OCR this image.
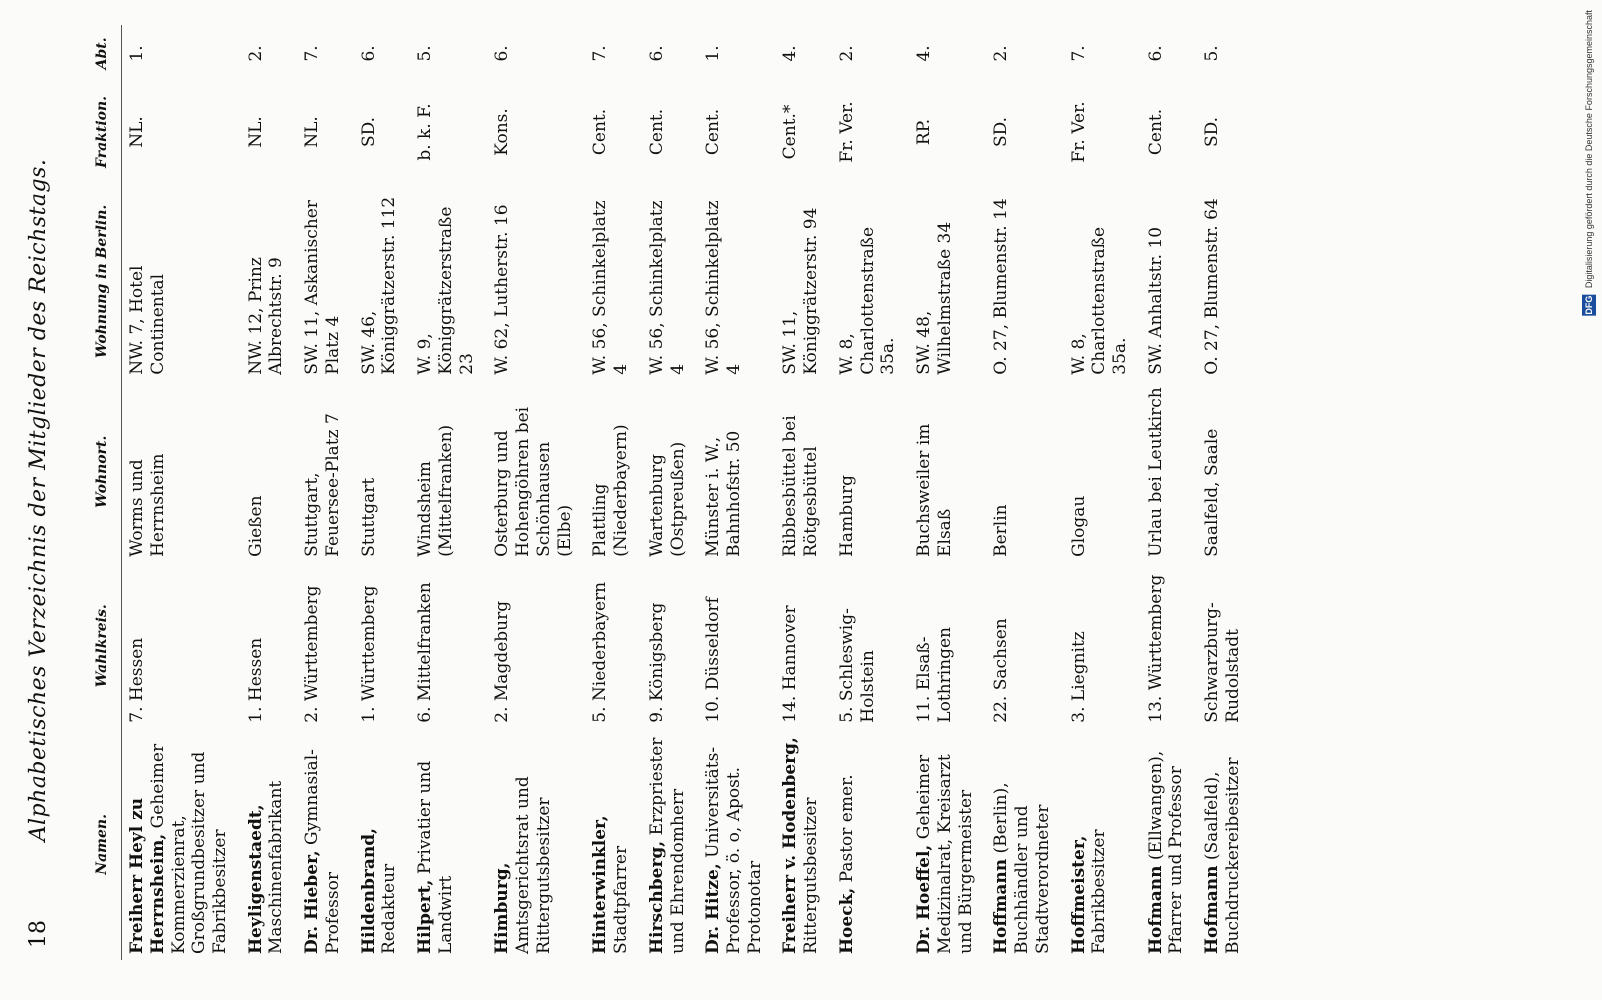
18
Alphabetisches Verzeichnis der Mitglieder des Reichstags.
Namen.	Wahlkreis.	Wohnort.	Wohnung in Berlin.	Fraktion.	Abt.
Freiherr Heyl zu Herrnsheim, Geheimer Kommerzienrat, Großgrundbesitzer und Fabrikbesitzer	7. Hessen	Worms und Herrnsheim	NW. 7, Hotel Continental	NL.	1.
Heyligenstaedt, Maschinenfabrikant	1. Hessen	Gießen	NW. 12, Prinz Albrechtstr. 9	NL.	2.
Dr. Hieber, Gymnasial-Professor	2. Württemberg	Stuttgart, Feuersee-Platz 7	SW. 11, Askanischer Platz 4	NL.	7.
Hildenbrand, Redakteur	1. Württemberg	Stuttgart	SW. 46, Königgrätzerstr. 112	SD.	6.
Hilpert, Privatier und Landwirt	6. Mittelfranken	Windsheim (Mittelfranken)	W. 9, Königgrätzerstraße 23	b. k. F.	5.
Himburg, Amtsgerichtsrat und Rittergutsbesitzer	2. Magdeburg	Osterburg und Hohengöhren bei Schönhausen (Elbe)	W. 62, Lutherstr. 16	Kons.	6.
Hinterwinkler, Stadtpfarrer	5. Niederbayern	Plattling (Niederbayern)	W. 56, Schinkelplatz 4	Cent.	7.
Hirschberg, Erzpriester und Ehrendomherr	9. Königsberg	Wartenburg (Ostpreußen)	W. 56, Schinkelplatz 4	Cent.	6.
Dr. Hitze, Universitäts-Professor, ö. o, Apost. Protonotar	10. Düsseldorf	Münster i. W., Bahnhofstr. 50	W. 56, Schinkelplatz 4	Cent.	1.
Freiherr v. Hodenberg, Rittergutsbesitzer	14. Hannover	Ribbesbüttel bei Rötgesbüttel	SW. 11, Königgrätzerstr. 94	Cent.*	4.
Hoeck, Pastor emer.	5. Schleswig-Holstein	Hamburg	W. 8, Charlottenstraße 35a.	Fr. Ver.	2.
Dr. Hoeffel, Geheimer Medizinalrat, Kreisarzt und Bürgermeister	11. Elsaß-Lothringen	Buchsweiler im Elsaß	SW. 48, Wilhelmstraße 34	RP.	4.
Hoffmann (Berlin), Buchhändler und Stadtverordneter	22. Sachsen	Berlin	O. 27, Blumenstr. 14	SD.	2.
Hoffmeister, Fabrikbesitzer	3. Liegnitz	Glogau	W. 8, Charlottenstraße 35a.	Fr. Ver.	7.
Hofmann (Ellwangen), Pfarrer und Professor	13. Württemberg	Urlau bei Leutkirch	SW. Anhaltstr. 10	Cent.	6.
Hofmann (Saalfeld), Buchdruckereibesitzer	Schwarzburg-Rudolstadt	Saalfeld, Saale	O. 27, Blumenstr. 64	SD.	5.
DFG Digitalisierung gefördert durch die Deutsche Forschungsgemeinschaft
